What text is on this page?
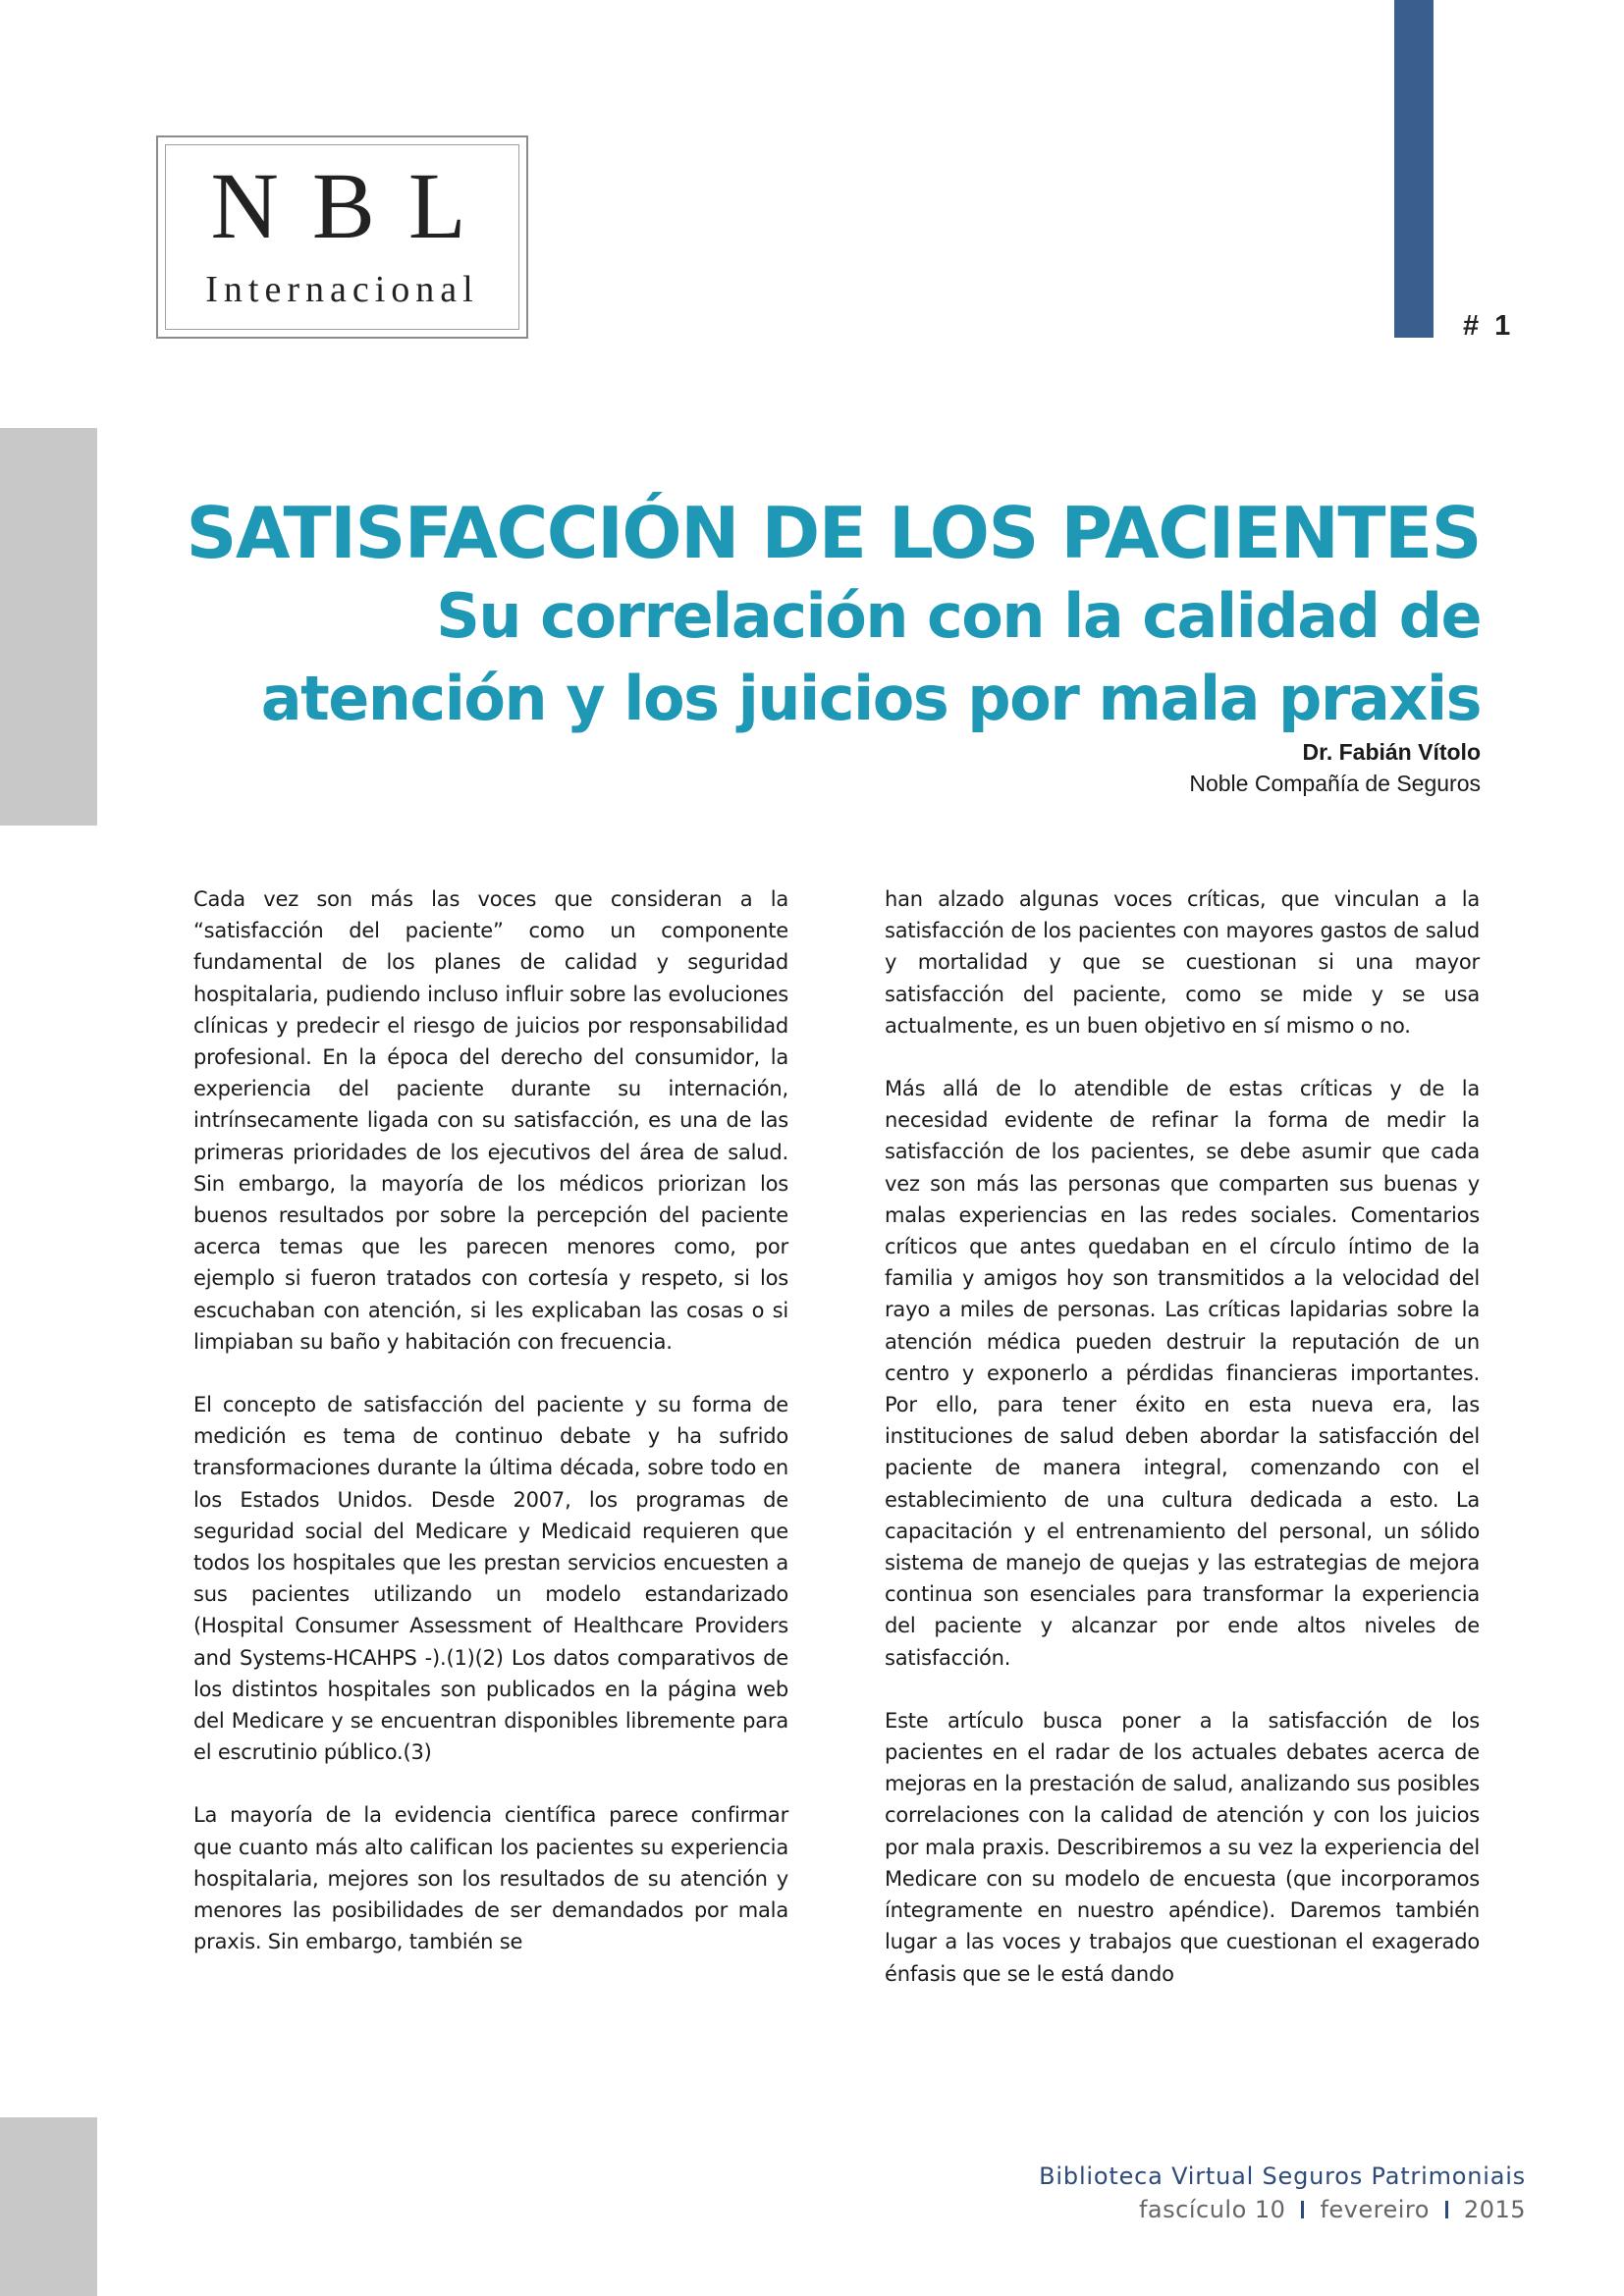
# 1
NBL
Internacional
SATISFACCIÓN DE LOS PACIENTES
Su correlación con la calidad de
atención y los juicios por mala praxis
Dr. Fabián Vítolo
Noble Compañía de Seguros

Cada vez son más las voces que consideran a la “satisfacción del paciente” como un componente fundamental de los planes de calidad y seguridad hospitalaria, pudiendo incluso influir sobre las evoluciones clínicas y predecir el riesgo de juicios por responsabilidad profesional. En la época del derecho del consumidor, la experiencia del paciente durante su internación, intrínsecamente ligada con su satisfacción, es una de las primeras prioridades de los ejecutivos del área de salud. Sin embargo, la mayoría de los médicos priorizan los buenos resultados por sobre la percepción del paciente acerca temas que les parecen menores como, por ejemplo si fueron tratados con cortesía y respeto, si los escuchaban con atención, si les explicaban las cosas o si limpiaban su baño y habitación con frecuencia.

El concepto de satisfacción del paciente y su forma de medición es tema de continuo debate y ha sufrido transformaciones durante la última década, sobre todo en los Estados Unidos. Desde 2007, los programas de seguridad social del Medicare y Medicaid requieren que todos los hospitales que les prestan servicios encuesten a sus pacientes utilizando un modelo estandarizado (Hospital Consumer Assessment of Healthcare Providers and Systems-HCAHPS -).(1)(2) Los datos comparativos de los distintos hospitales son publicados en la página web del Medicare y se encuentran disponibles libremente para el escrutinio público.(3)

La mayoría de la evidencia científica parece confirmar que cuanto más alto califican los pacientes su experiencia hospitalaria, mejores son los resultados de su atención y menores las posibilidades de ser demandados por mala praxis. Sin embargo, también se

han alzado algunas voces críticas, que vinculan a la satisfacción de los pacientes con mayores gastos de salud y mortalidad y que se cuestionan si una mayor satisfacción del paciente, como se mide y se usa actualmente, es un buen objetivo en sí mismo o no.

Más allá de lo atendible de estas críticas y de la necesidad evidente de refinar la forma de medir la satisfacción de los pacientes, se debe asumir que cada vez son más las personas que comparten sus buenas y malas experiencias en las redes sociales. Comentarios críticos que antes quedaban en el círculo íntimo de la familia y amigos hoy son transmitidos a la velocidad del rayo a miles de personas. Las críticas lapidarias sobre la atención médica pueden destruir la reputación de un centro y exponerlo a pérdidas financieras importantes. Por ello, para tener éxito en esta nueva era, las instituciones de salud deben abordar la satisfacción del paciente de manera integral, comenzando con el establecimiento de una cultura dedicada a esto. La capacitación y el entrenamiento del personal, un sólido sistema de manejo de quejas y las estrategias de mejora continua son esenciales para transformar la experiencia del paciente y alcanzar por ende altos niveles de satisfacción.

Este artículo busca poner a la satisfacción de los pacientes en el radar de los actuales debates acerca de mejoras en la prestación de salud, analizando sus posibles correlaciones con la calidad de atención y con los juicios por mala praxis. Describiremos a su vez la experiencia del Medicare con su modelo de encuesta (que incorporamos íntegramente en nuestro apéndice). Daremos también lugar a las voces y trabajos que cuestionan el exagerado énfasis que se le está dando

Biblioteca Virtual Seguros Patrimoniais
fascículo 10 fevereiro 2015
